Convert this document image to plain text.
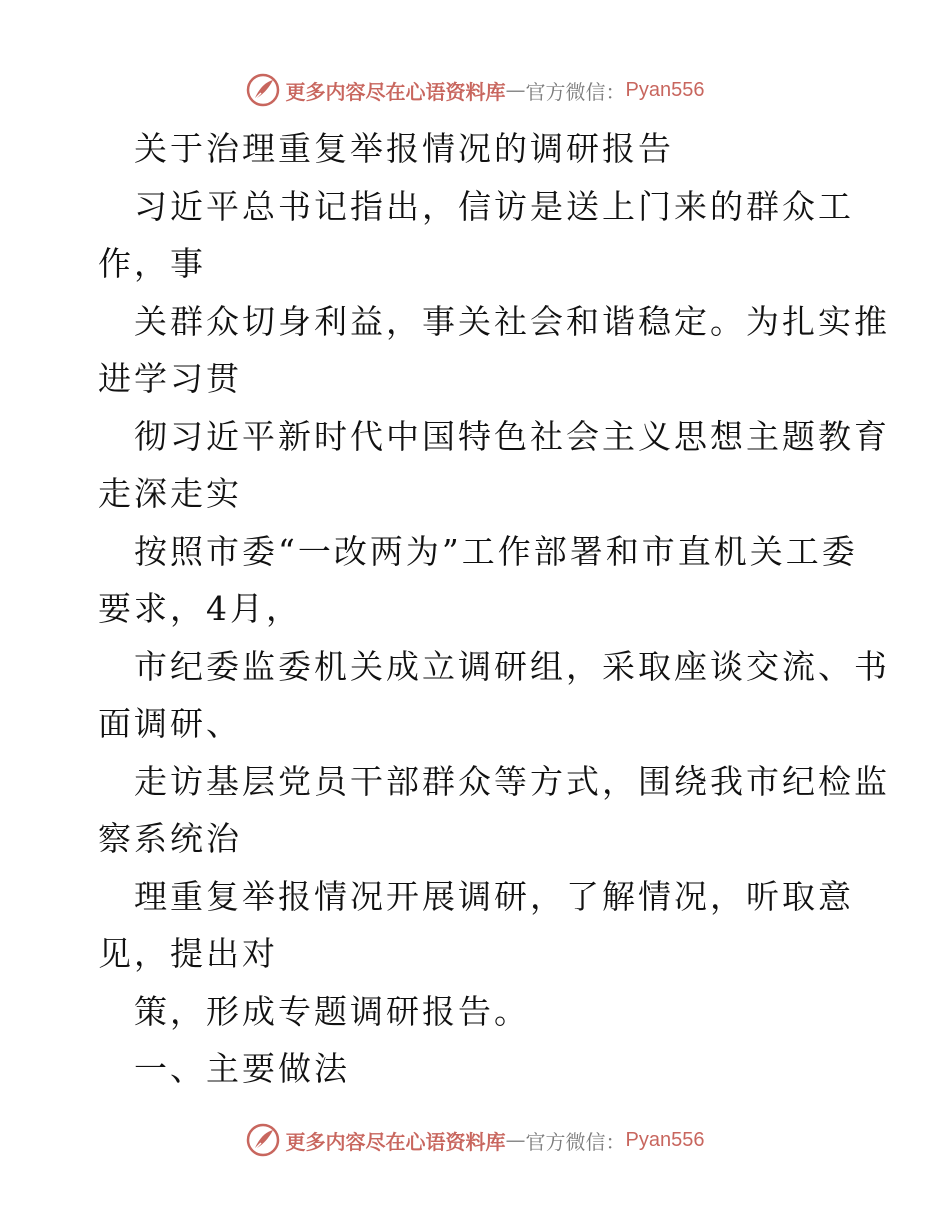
更多内容尽在心语资料库 — 官方微信： Pyan556
关于治理重复举报情况的调研报告
习近平总书记指出，信访是送上门来的群众工
作，事
关群众切身利益，事关社会和谐稳定。为扎实推
进学习贯
彻习近平新时代中国特色社会主义思想主题教育
走深走实
按照市委“一改两为”工作部署和市直机关工委
要求，4月，
市纪委监委机关成立调研组，采取座谈交流、书
面调研、
走访基层党员干部群众等方式，围绕我市纪检监
察系统治
理重复举报情况开展调研，了解情况，听取意
见，提出对
策，形成专题调研报告。
一、主要做法
更多内容尽在心语资料库 — 官方微信： Pyan556
